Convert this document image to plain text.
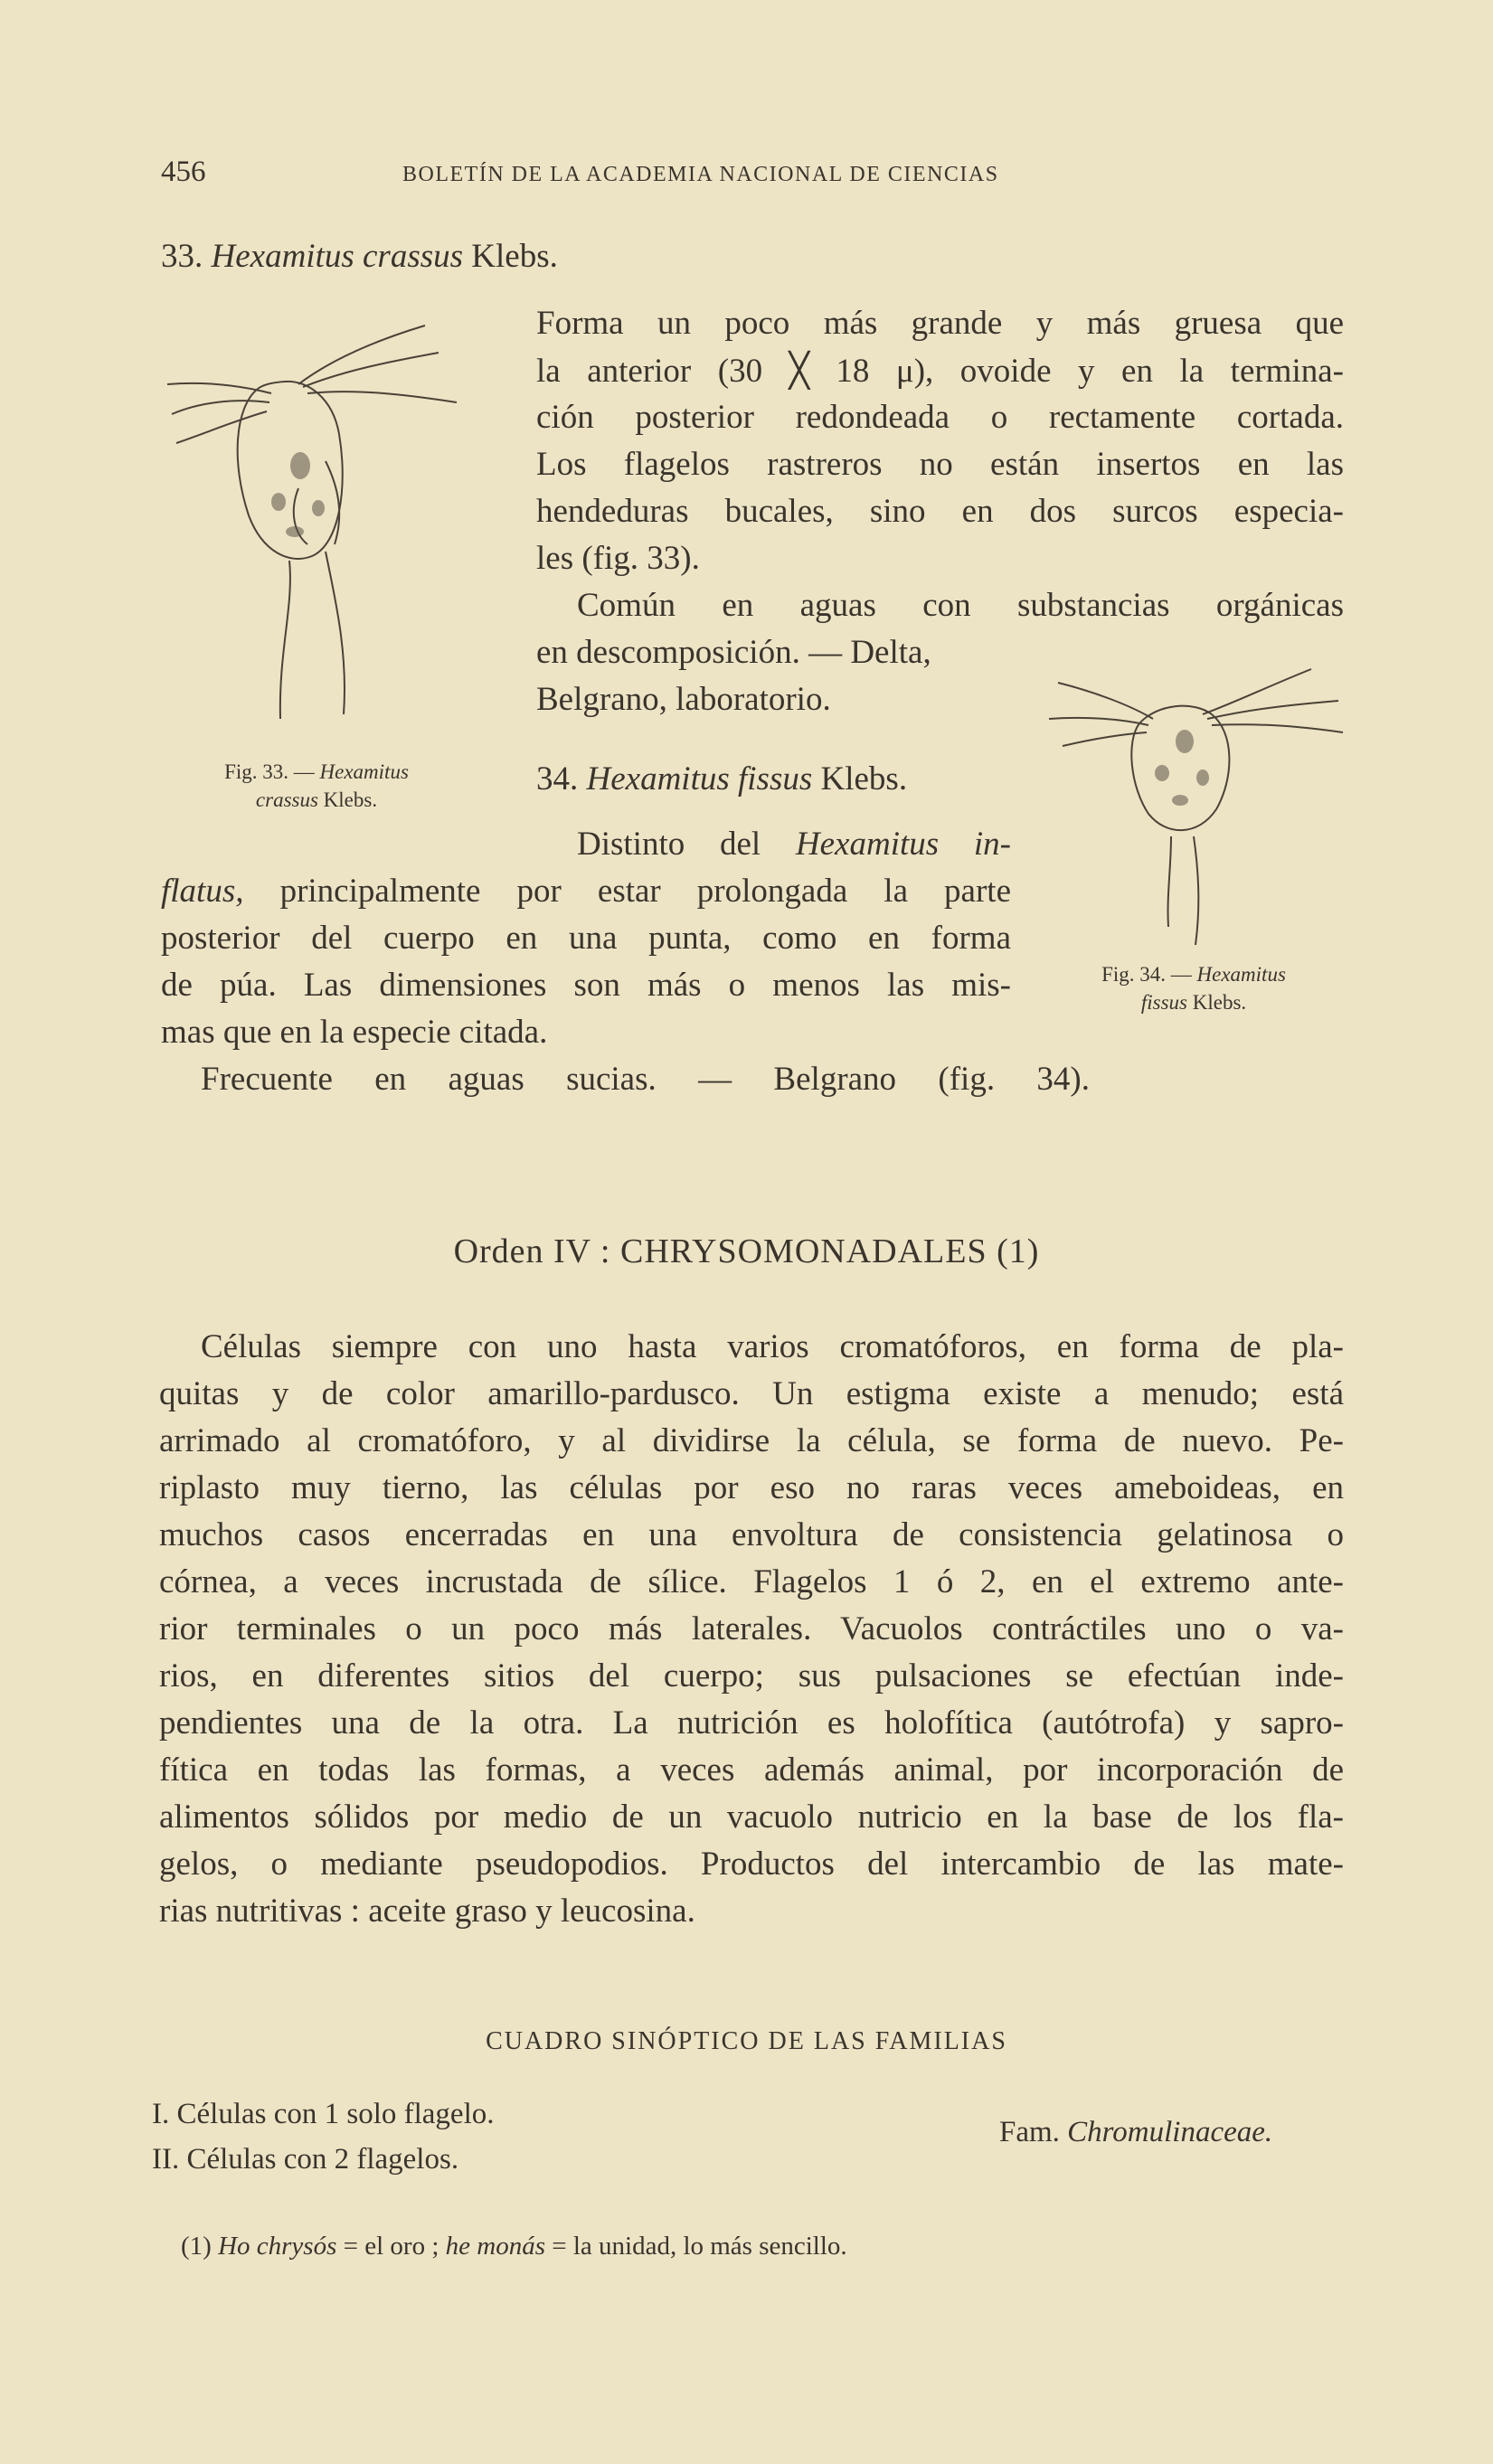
456	BOLETÍN DE LA ACADEMIA NACIONAL DE CIENCIAS
33. Hexamitus crassus Klebs.
Fig. 33. — Hexamitus
crassus Klebs.
Forma un poco más grande y más gruesa que
la anterior (30 ╳ 18 μ), ovoide y en la termina-
ción posterior redondeada o rectamente cortada.
Los flagelos rastreros no están insertos en las
hendeduras bucales, sino en dos surcos especia-
les (fig. 33).
Común en aguas con substancias orgánicas
en descomposición. — Delta,
Belgrano, laboratorio.
34. Hexamitus fissus Klebs.
Fig. 34. — Hexamitus
fissus Klebs.
Distinto del Hexamitus in-
flatus, principalmente por estar prolongada la parte
posterior del cuerpo en una punta, como en forma
de púa. Las dimensiones son más o menos las mis-
mas que en la especie citada.
Frecuente en aguas sucias. — Belgrano (fig. 34).
Orden IV : CHRYSOMONADALES (1)
Células siempre con uno hasta varios cromatóforos, en forma de pla-
quitas y de color amarillo-pardusco. Un estigma existe a menudo; está
arrimado al cromatóforo, y al dividirse la célula, se forma de nuevo. Pe-
riplasto muy tierno, las células por eso no raras veces ameboideas, en
muchos casos encerradas en una envoltura de consistencia gelatinosa o
córnea, a veces incrustada de sílice. Flagelos 1 ó 2, en el extremo ante-
rior terminales o un poco más laterales. Vacuolos contráctiles uno o va-
rios, en diferentes sitios del cuerpo; sus pulsaciones se efectúan inde-
pendientes una de la otra. La nutrición es holofítica (autótrofa) y sapro-
fítica en todas las formas, a veces además animal, por incorporación de
alimentos sólidos por medio de un vacuolo nutricio en la base de los fla-
gelos, o mediante pseudopodios. Productos del intercambio de las mate-
rias nutritivas : aceite graso y leucosina.
CUADRO SINÓPTICO DE LAS FAMILIAS
I. Células con 1 solo flagelo.
II. Células con 2 flagelos.
Fam. Chromulinaceae.
(1) Ho chrysós = el oro ; he monás = la unidad, lo más sencillo.
